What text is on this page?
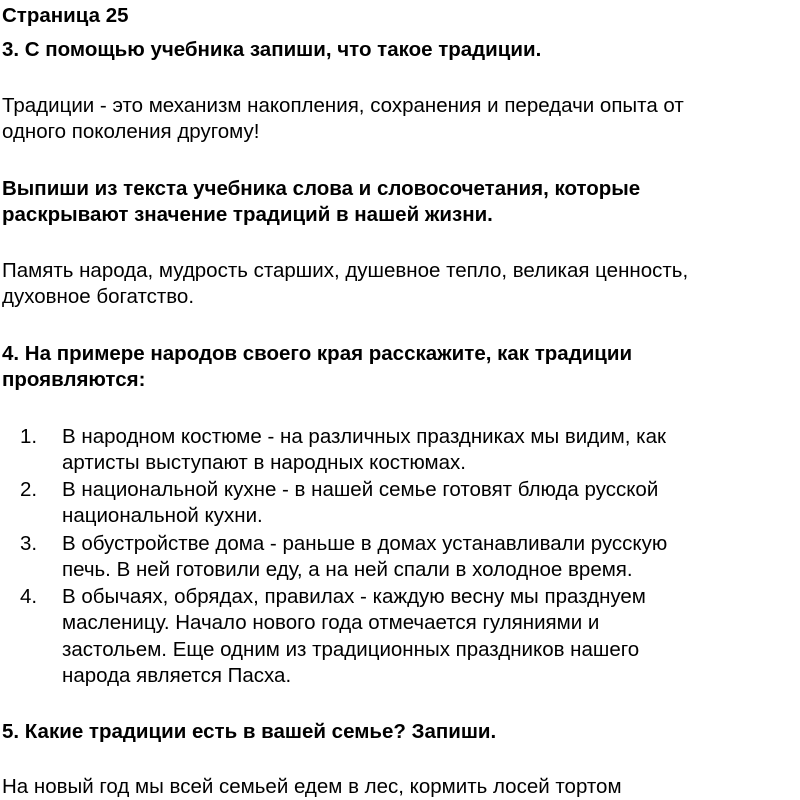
Страница 25

3. С помощью учебника запиши, что такое традиции.

Традиции - это механизм накопления, сохранения и передачи опыта от

одного поколения другому!

Выпиши из текста учебника слова и словосочетания, которые

раскрывают значение традиций в нашей жизни.

Память народа, мудрость старших, душевное тепло, великая ценность,

духовное богатство.

4. На примере народов своего края расскажите, как традиции

проявляются:

1.	В народном костюме - на различных праздниках мы видим, как

артисты выступают в народных костюмах.

2.	В национальной кухне - в нашей семье готовят блюда русской

национальной кухни.

3.	В обустройстве дома - раньше в домах устанавливали русскую

печь. В ней готовили еду, а на ней спали в холодное время.

4.	В обычаях, обрядах, правилах - каждую весну мы празднуем

масленицу. Начало нового года отмечается гуляниями и

застольем. Еще одним из традиционных праздников нашего

народа является Пасха.

5. Какие традиции есть в вашей семье? Запиши.

На новый год мы всей семьей едем в лес, кормить лосей тортом
